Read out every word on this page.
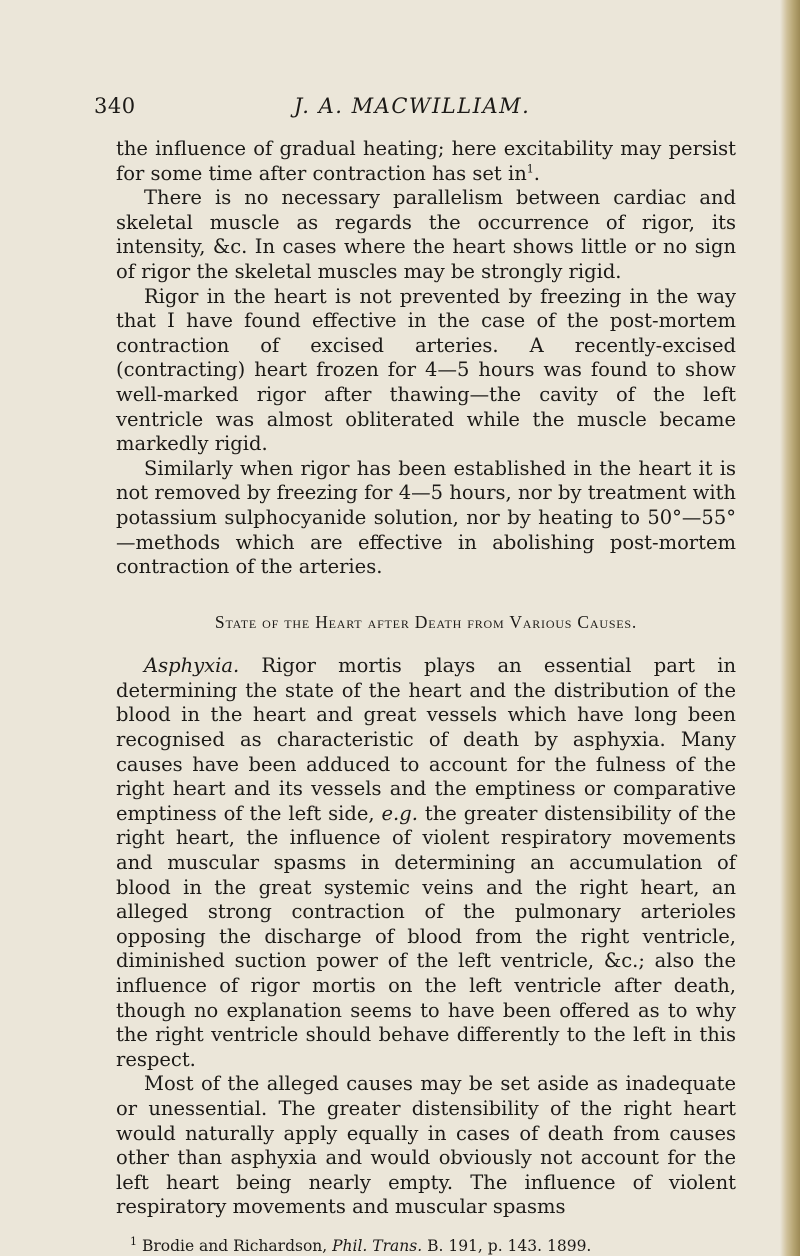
340	J. A. MACWILLIAM.

the influence of gradual heating; here excitability may persist for some time after contraction has set $in^1$.

There is no necessary parallelism between cardiac and skeletal muscle as regards the occurrence of rigor, its intensity, &c. In cases where the heart shows little or no sign of rigor the skeletal muscles may be strongly rigid.

Rigor in the heart is not prevented by freezing in the way that I have found effective in the case of the post-mortem contraction of excised arteries. A recently-excised (contracting) heart frozen for 4—5 hours was found to show well-marked rigor after thawing—the cavity of the left ventricle was almost obliterated while the muscle became markedly rigid.

Similarly when rigor has been established in the heart it is not removed by freezing for 4—5 hours, nor by treatment with potassium sulphocyanide solution, nor by heating to 50°—55°—methods which are effective in abolishing post-mortem contraction of the arteries.

State of the Heart after Death from Various Causes.

Asphyxia. Rigor mortis plays an essential part in determining the state of the heart and the distribution of the blood in the heart and great vessels which have long been recognised as characteristic of death by asphyxia. Many causes have been adduced to account for the fulness of the right heart and its vessels and the emptiness or comparative emptiness of the left side, e.g. the greater distensibility of the right heart, the influence of violent respiratory movements and muscular spasms in determining an accumulation of blood in the great systemic veins and the right heart, an alleged strong contraction of the pulmonary arterioles opposing the discharge of blood from the right ventricle, diminished suction power of the left ventricle, &c.; also the influence of rigor mortis on the left ventricle after death, though no explanation seems to have been offered as to why the right ventricle should behave differently to the left in this respect.

Most of the alleged causes may be set aside as inadequate or unessential. The greater distensibility of the right heart would naturally apply equally in cases of death from causes other than asphyxia and would obviously not account for the left heart being nearly empty. The influence of violent respiratory movements and muscular spasms

$^1$ Brodie and Richardson, Phil. Trans. B. 191, p. 143. 1899.
